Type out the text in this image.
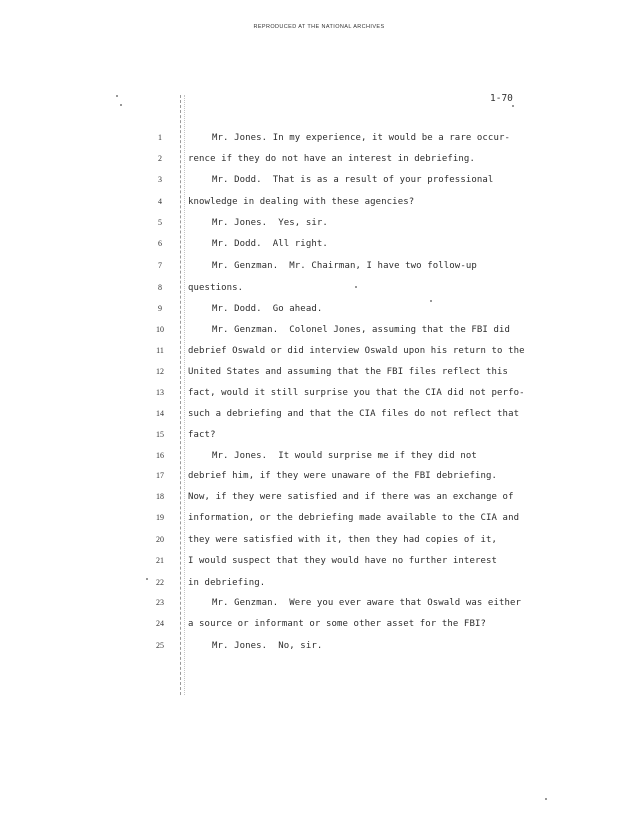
REPRODUCED AT THE NATIONAL ARCHIVES
1-70
1	Mr. Jones. In my experience, it would be a rare occur-
2	rence if they do not have an interest in debriefing.
3	Mr. Dodd.  That is as a result of your professional
4	knowledge in dealing with these agencies?
5	Mr. Jones.  Yes, sir.
6	Mr. Dodd.  All right.
7	Mr. Genzman.  Mr. Chairman, I have two follow-up
8	questions.
9	Mr. Dodd.  Go ahead.
10	Mr. Genzman.  Colonel Jones, assuming that the FBI did
11	debrief Oswald or did interview Oswald upon his return to the
12	United States and assuming that the FBI files reflect this
13	fact, would it still surprise you that the CIA did not perfo-
14	such a debriefing and that the CIA files do not reflect that
15	fact?
16	Mr. Jones.  It would surprise me if they did not
17	debrief him, if they were unaware of the FBI debriefing.
18	Now, if they were satisfied and if there was an exchange of
19	information, or the debriefing made available to the CIA and
20	they were satisfied with it, then they had copies of it,
21	I would suspect that they would have no further interest
22	in debriefing.
23	Mr. Genzman.  Were you ever aware that Oswald was either
24	a source or informant or some other asset for the FBI?
25	Mr. Jones.  No, sir.
